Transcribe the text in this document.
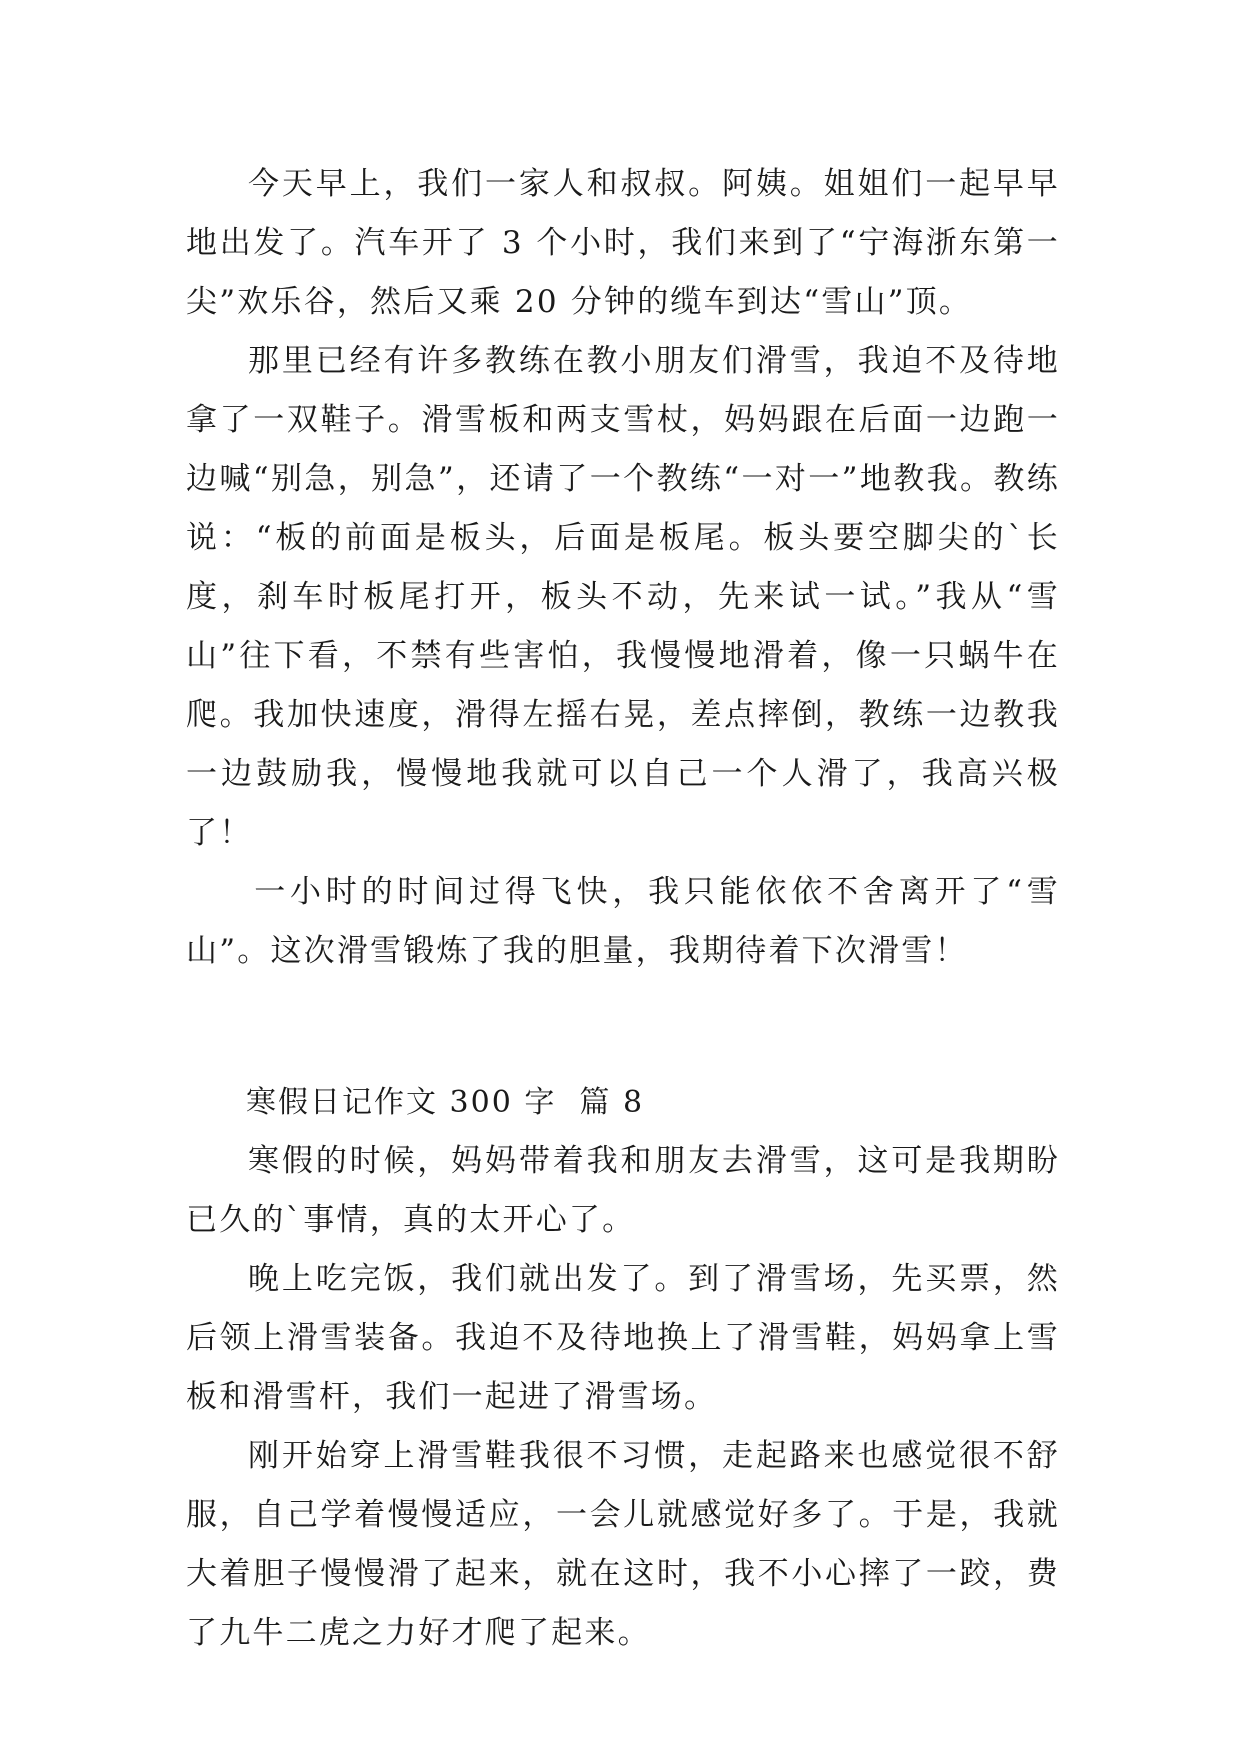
今天早上，我们一家人和叔叔。阿姨。姐姐们一起早早地出发了。汽车开了 3 个小时，我们来到了“宁海浙东第一尖”欢乐谷，然后又乘 20 分钟的缆车到达“雪山”顶。

那里已经有许多教练在教小朋友们滑雪，我迫不及待地拿了一双鞋子。滑雪板和两支雪杖，妈妈跟在后面一边跑一边喊“别急，别急”，还请了一个教练“一对一”地教我。教练说：“板的前面是板头，后面是板尾。板头要空脚尖的`长度，刹车时板尾打开，板头不动，先来试一试。”我从“雪山”往下看，不禁有些害怕，我慢慢地滑着，像一只蜗牛在爬。我加快速度，滑得左摇右晃，差点摔倒，教练一边教我一边鼓励我，慢慢地我就可以自己一个人滑了，我高兴极了！

一小时的时间过得飞快，我只能依依不舍离开了“雪山”。这次滑雪锻炼了我的胆量，我期待着下次滑雪！

寒假日记作文 300 字  篇 8

寒假的时候，妈妈带着我和朋友去滑雪，这可是我期盼已久的`事情，真的太开心了。

晚上吃完饭，我们就出发了。到了滑雪场，先买票，然后领上滑雪装备。我迫不及待地换上了滑雪鞋，妈妈拿上雪板和滑雪杆，我们一起进了滑雪场。

刚开始穿上滑雪鞋我很不习惯，走起路来也感觉很不舒服，自己学着慢慢适应，一会儿就感觉好多了。于是，我就大着胆子慢慢滑了起来，就在这时，我不小心摔了一跤，费了九牛二虎之力好才爬了起来。
